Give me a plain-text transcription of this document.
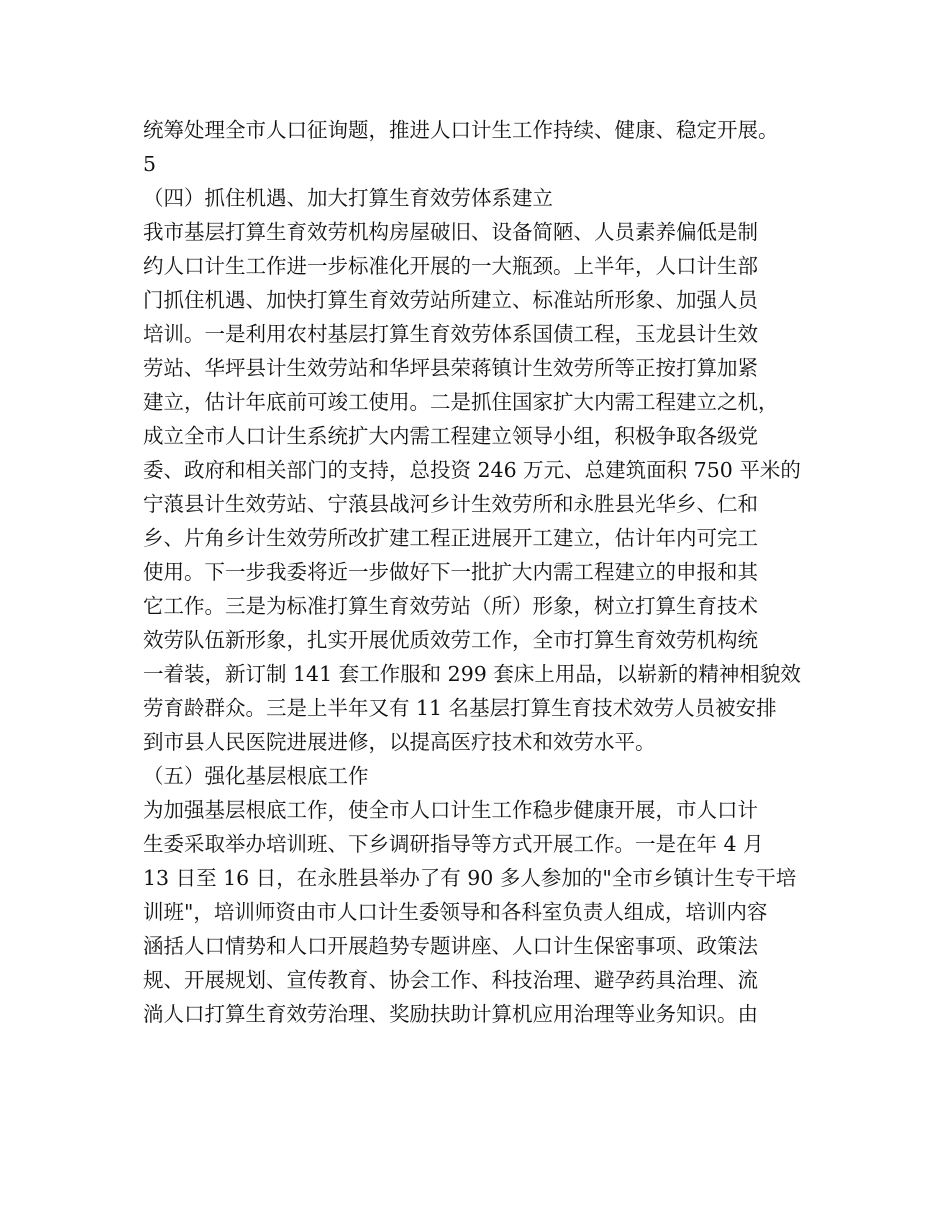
统筹处理全市人口征询题，推进人口计生工作持续、健康、稳定开展。
5
（四）抓住机遇、加大打算生育效劳体系建立
我市基层打算生育效劳机构房屋破旧、设备简陋、人员素养偏低是制
约人口计生工作进一步标准化开展的一大瓶颈。上半年，人口计生部
门抓住机遇、加快打算生育效劳站所建立、标准站所形象、加强人员
培训。一是利用农村基层打算生育效劳体系国债工程，玉龙县计生效
劳站、华坪县计生效劳站和华坪县荣蒋镇计生效劳所等正按打算加紧
建立，估计年底前可竣工使用。二是抓住国家扩大内需工程建立之机，
成立全市人口计生系统扩大内需工程建立领导小组，积极争取各级党
委、政府和相关部门的支持，总投资 246 万元、总建筑面积 750 平米的
宁蒗县计生效劳站、宁蒗县战河乡计生效劳所和永胜县光华乡、仁和
乡、片角乡计生效劳所改扩建工程正进展开工建立，估计年内可完工
使用。下一步我委将近一步做好下一批扩大内需工程建立的申报和其
它工作。三是为标准打算生育效劳站（所）形象，树立打算生育技术
效劳队伍新形象，扎实开展优质效劳工作，全市打算生育效劳机构统
一着装，新订制 141 套工作服和 299 套床上用品，以崭新的精神相貌效
劳育龄群众。三是上半年又有 11 名基层打算生育技术效劳人员被安排
到市县人民医院进展进修，以提高医疗技术和效劳水平。
（五）强化基层根底工作
为加强基层根底工作，使全市人口计生工作稳步健康开展，市人口计
生委采取举办培训班、下乡调研指导等方式开展工作。一是在年 4 月
13 日至 16 日，在永胜县举办了有 90 多人参加的"全市乡镇计生专干培
训班"，培训师资由市人口计生委领导和各科室负责人组成，培训内容
涵括人口情势和人口开展趋势专题讲座、人口计生保密事项、政策法
规、开展规划、宣传教育、协会工作、科技治理、避孕药具治理、流
淌人口打算生育效劳治理、奖励扶助计算机应用治理等业务知识。由
